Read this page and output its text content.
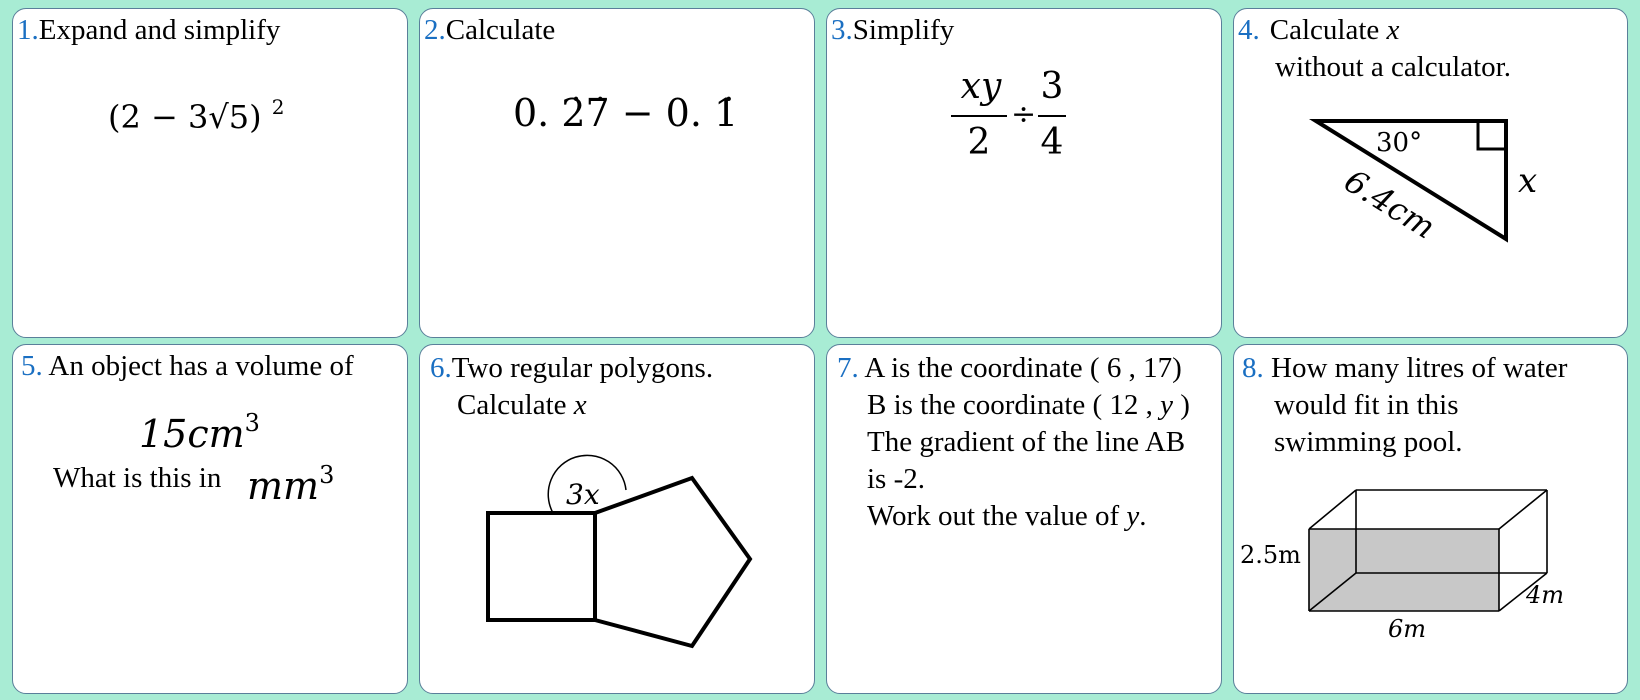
1.Expand and simplify
(2 − 3√5) $^2$
2.Calculate
0. 2̇7̇ − 0. 1̇
3.Simplify
xy
2
÷
3
4
4. Calculate x
without a calculator.
30°
6.4cm x
5. An object has a volume of
$15cm^3$
What is this in $mm^3$
6.Two regular polygons.
Calculate x
3x
7. A is the coordinate ( 6 , 17)
B is the coordinate ( 12 , y )
The gradient of the line AB
is -2.
Work out the value of y.
8. How many litres of water
would fit in this
swimming pool.
2.5m
4m
6m
